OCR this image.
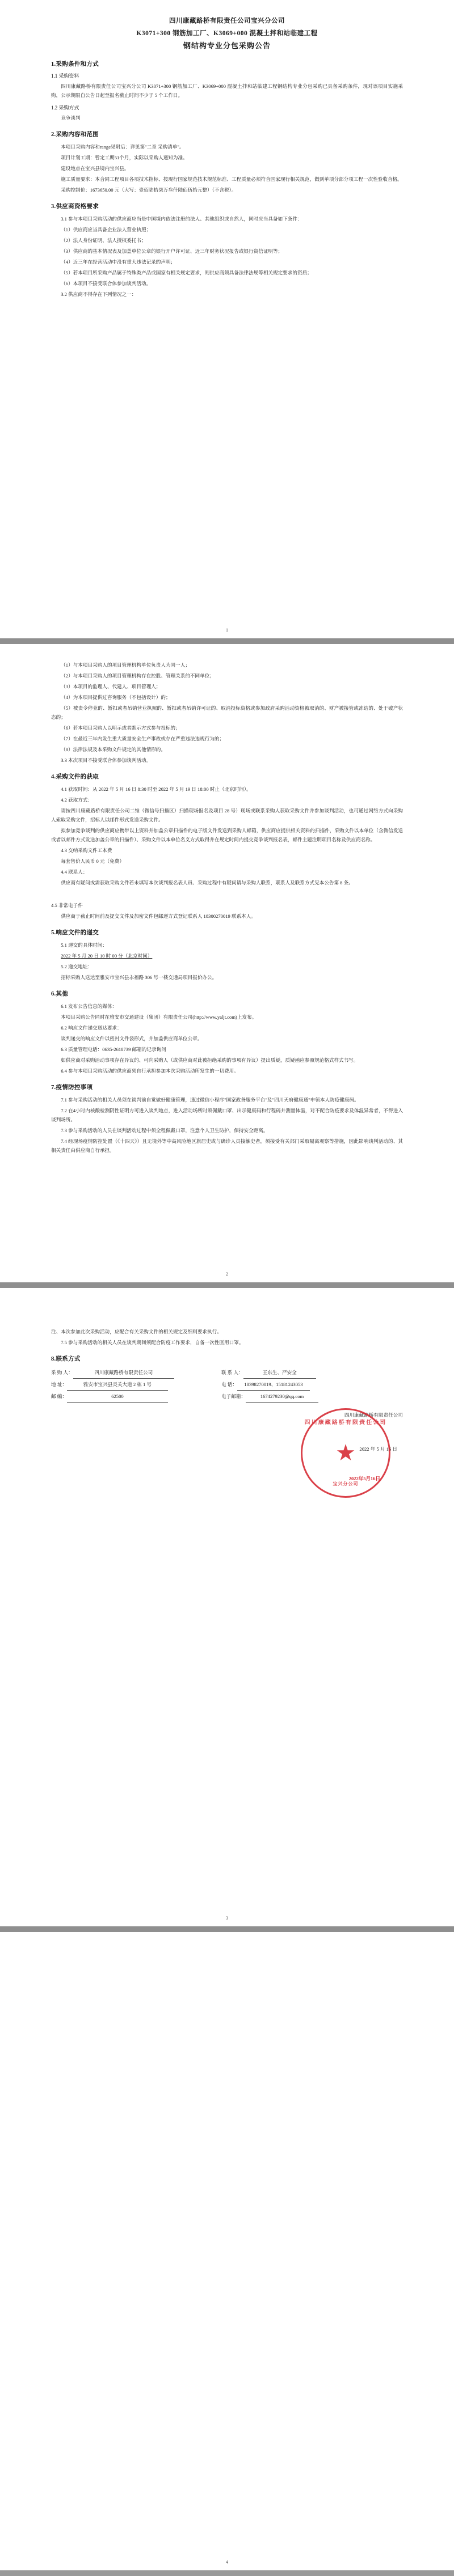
四川康藏路桥有限责任公司宝兴分公司
K3071+300 钢筋加工厂、K3069+000 混凝土拌和站临建工程
钢结构专业分包采购公告
1.采购条件和方式
1.1 采购资料

四川康藏路桥有限责任公司宝兴分公司 K3071+300 钢筋加工厂、K3069+000 混凝土拌和站临建工程钢结构专业分包采购已具备采购条件，现对该项目实施采购，公示期限自公告日起至报名截止时间不少于 5 个工作日。

1.2 采购方式

竞争谈判

2.采购内容和范围

本项目采购内容和range见附后：详见第"二章 采购清单"。

项目计划工期：暂定工期51个月，实际以采购人通知为准。

建设地点在宝兴县境内宝兴县。

施工质量要求：本合同工程项目各项技术指标、按现行国家规范技术规范标准、工程质量必须符合国家现行相关规范，做到单项分部分项工程一次性验收合格。

采购控制价：1673650.00 元（大写：壹佰陆拾柒万叁仟陆佰伍拾元整）（不含税）。

3.供应商资格要求

3.1 参与本项目采购活动的供应商应当是中国境内依法注册的法人、其他组织或自然人，同时应当具备如下条件：

（1）供应商应当具备企业法人营业执照；

（2）法人身份证明、法人授权委托书；

（3）供应商的基本情况表及加盖单位公章的银行开户许可证、近三年财务状况报告或银行资信证明等；

（4）近三年在经营活动中没有重大违法记录的声明；

（5）若本项目所采购产品属于特殊类产品或国家有相关规定要求，则供应商须具备法律法规等相关规定要求的资质；

（6）本项目不接受联合体参加谈判活动。

3.2 供应商不得存在下列情况之一：

1

（1）与本项目采购人的项目管理机构单位负责人为同一人；

（2）与本项目采购人的项目管理机构存在控股、管理关系的不同单位；

（3）本项目的监理人、代建人、项目管理人；

（4）为本项目提供过咨询服务（不包括设计）的；

（5）被责令停业的、暂扣或者吊销营业执照的、暂扣或者吊销许可证的、取消投标资格或参加政府采购活动资格被取消的、财产被接管或冻结的、处于破产状态的；

（6）若本项目采购人以明示或者默示方式参与投标的；

（7）在最近三年内发生重大质量安全生产事故或存在严重违法违规行为的；

（8）法律法规及本采购文件规定的其他情形的。

3.3 本次项目不接受联合体参加谈判活动。

4.采购文件的获取

4.1 获取时间：从 2022 年 5 月 16 日 8:30 时至 2022 年 5 月 19 日 18:00 时止（北京时间）。

4.2 获取方式：

请按四川康藏路桥有限责任公司二维（微信号扫描区）扫描现场报名及项目 28 号）现场或联系采购人获取采购文件并参加谈判活动，也可通过网络方式向采购人索取采购文件，招标人以邮件形式发送采购文件。

拟参加竞争谈判的供应商应携带以上资料并加盖公章扫描件的电子版文件发送到采购人邮箱，供应商应提供相关资料的扫描件，采购文件以本单位（含微信发送或者以邮件方式发送加盖公章的扫描件）、采购文件以本单位名义方式取得并在规定时间内提交竞争谈判报名表，邮件主题注明项目名称及供应商名称。

4.3 交纳采购文件工本费

每套售价人民币 0 元（免费）

4.4 联系人：

供应商有疑问或需获取采购文件若未填写本次谈判报名表人员、采购过程中有疑问请与采购人联系，联系人及联系方式见本公告第 8 条。

4.5 非常电子件

供应商于截止时间前及提交文件及加密文件包邮递方式登记联系人 18300270019 联系本人。

5.响应文件的递交

5.1 递交的具体时间：

2022 年 5 月 20 日 10 时 00 分（北京时间）

5.2 递交地址：

招标采购人送达至雅安市宝兴县永福路 306 号一楼交通局项目报价办公。

6.其他

6.1 发布公告信息的媒体：

本项目采购公告同时在雅安市交通建设（集团）有限责任公司(http://www.yaljt.com)上发布。

6.2 响应文件递交送达要求：

谈判递交的响应文件以密封文件袋形式，并加盖供应商单位公章。

6.3 质量管理电话：0635-2618739 邮箱的记录询问

如供应商对采购活动事项存在异议的、可向采购人（或供应商对此被拒绝采购的事项有异议）提出质疑，质疑函应参照规范格式样式书写。

6.4 参与本项目采购活动的供应商须自行承担参加本次采购活动所发生的一切费用。

7.疫情防控事项

7.1 参与采购活动的相关人员须在谈判前自觉做好健康管理，通过微信小程序"国家政务服务平台"及"四川天府健康通"申领本人防疫健康码。

7.2 在4小时内核酸检测阴性证明方可进入谈判地点，进入活动场所时须佩戴口罩、出示健康码和行程码并测量体温，对不配合防疫要求及体温异常者，不得进入谈判场所。

7.3 参与采购活动的人员在谈判活动过程中须全程佩戴口罩，注意个人卫生防护，保持安全距离。

7.4 经现场疫情防控处置（《十四天》）且无境外等中高风险地区旅居史或与确诊人员接触史者，须接受有关部门采取隔离观察等措施，因此影响谈判活动的、其相关责任由供应商自行承担。

2

注、本次参加此次采购活动，应配合有关采购文件的相关规定及细则要求执行。

7.5 参与采购活动的相关人员在谈判期间须配合防疫工作要求，自备一次性医用口罩。

8.联系方式
采 购 人：	四川康藏路桥有限责任公司	联 系 人：	王东生、严安全
地 址：	雅安市宝兴县灵关大道 2 栋 1 号	电 话：	18398270019、15181243053
邮 编：	62500	电子邮箱：	1674279230@qq.com
四川康藏路桥有限责任公司
2022 年 5 月 16 日
四川康藏路桥有限责任公司
★
宝兴分公司
2022年5月16日
3
4
